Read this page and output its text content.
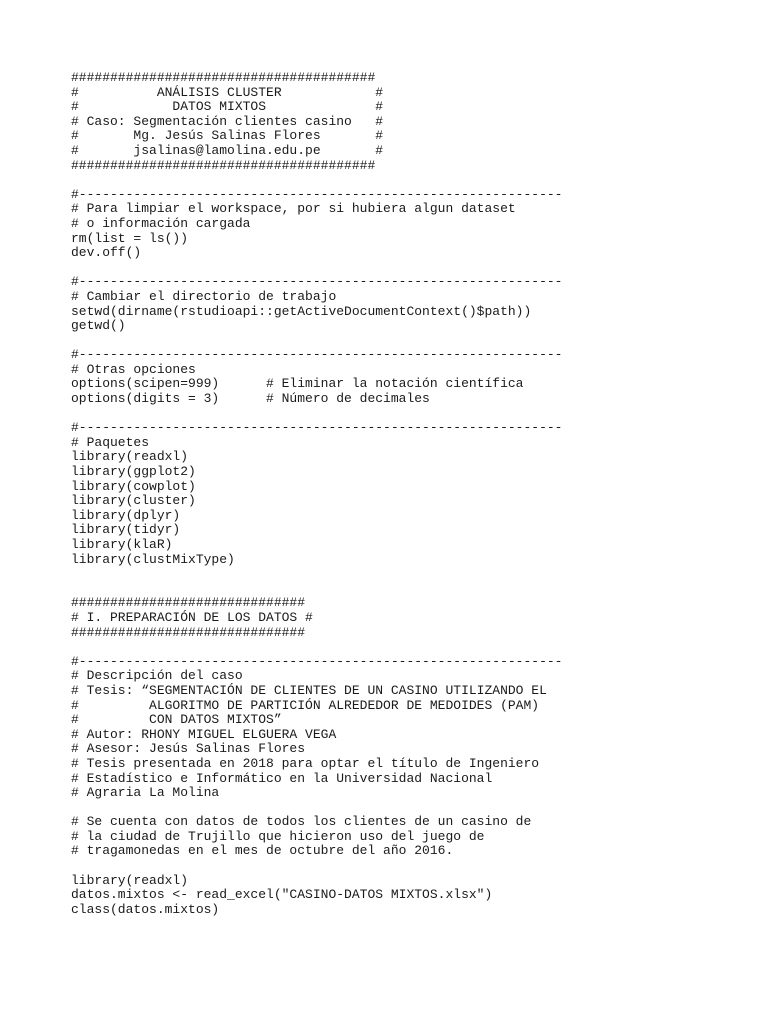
#######################################
#          ANÁLISIS CLUSTER            #
#            DATOS MIXTOS              #
# Caso: Segmentación clientes casino   #
#       Mg. Jesús Salinas Flores       #
#       jsalinas@lamolina.edu.pe       #
#######################################
#--------------------------------------------------------------
# Para limpiar el workspace, por si hubiera algun dataset
# o información cargada
rm(list = ls())
dev.off()
#--------------------------------------------------------------
# Cambiar el directorio de trabajo
setwd(dirname(rstudioapi::getActiveDocumentContext()$path))
getwd()
#--------------------------------------------------------------
# Otras opciones
options(scipen=999)      # Eliminar la notación científica
options(digits = 3)      # Número de decimales
#--------------------------------------------------------------
# Paquetes
library(readxl)
library(ggplot2)
library(cowplot)
library(cluster)
library(dplyr)
library(tidyr)
library(klaR)
library(clustMixType)
##############################
# I. PREPARACIÓN DE LOS DATOS #
##############################
#--------------------------------------------------------------
# Descripción del caso
# Tesis: “SEGMENTACIÓN DE CLIENTES DE UN CASINO UTILIZANDO EL
#         ALGORITMO DE PARTICIÓN ALREDEDOR DE MEDOIDES (PAM)
#         CON DATOS MIXTOS”
# Autor: RHONY MIGUEL ELGUERA VEGA
# Asesor: Jesús Salinas Flores
# Tesis presentada en 2018 para optar el título de Ingeniero
# Estadístico e Informático en la Universidad Nacional
# Agraria La Molina
# Se cuenta con datos de todos los clientes de un casino de
# la ciudad de Trujillo que hicieron uso del juego de
# tragamonedas en el mes de octubre del año 2016.
library(readxl)
datos.mixtos <- read_excel("CASINO-DATOS MIXTOS.xlsx")
class(datos.mixtos)
